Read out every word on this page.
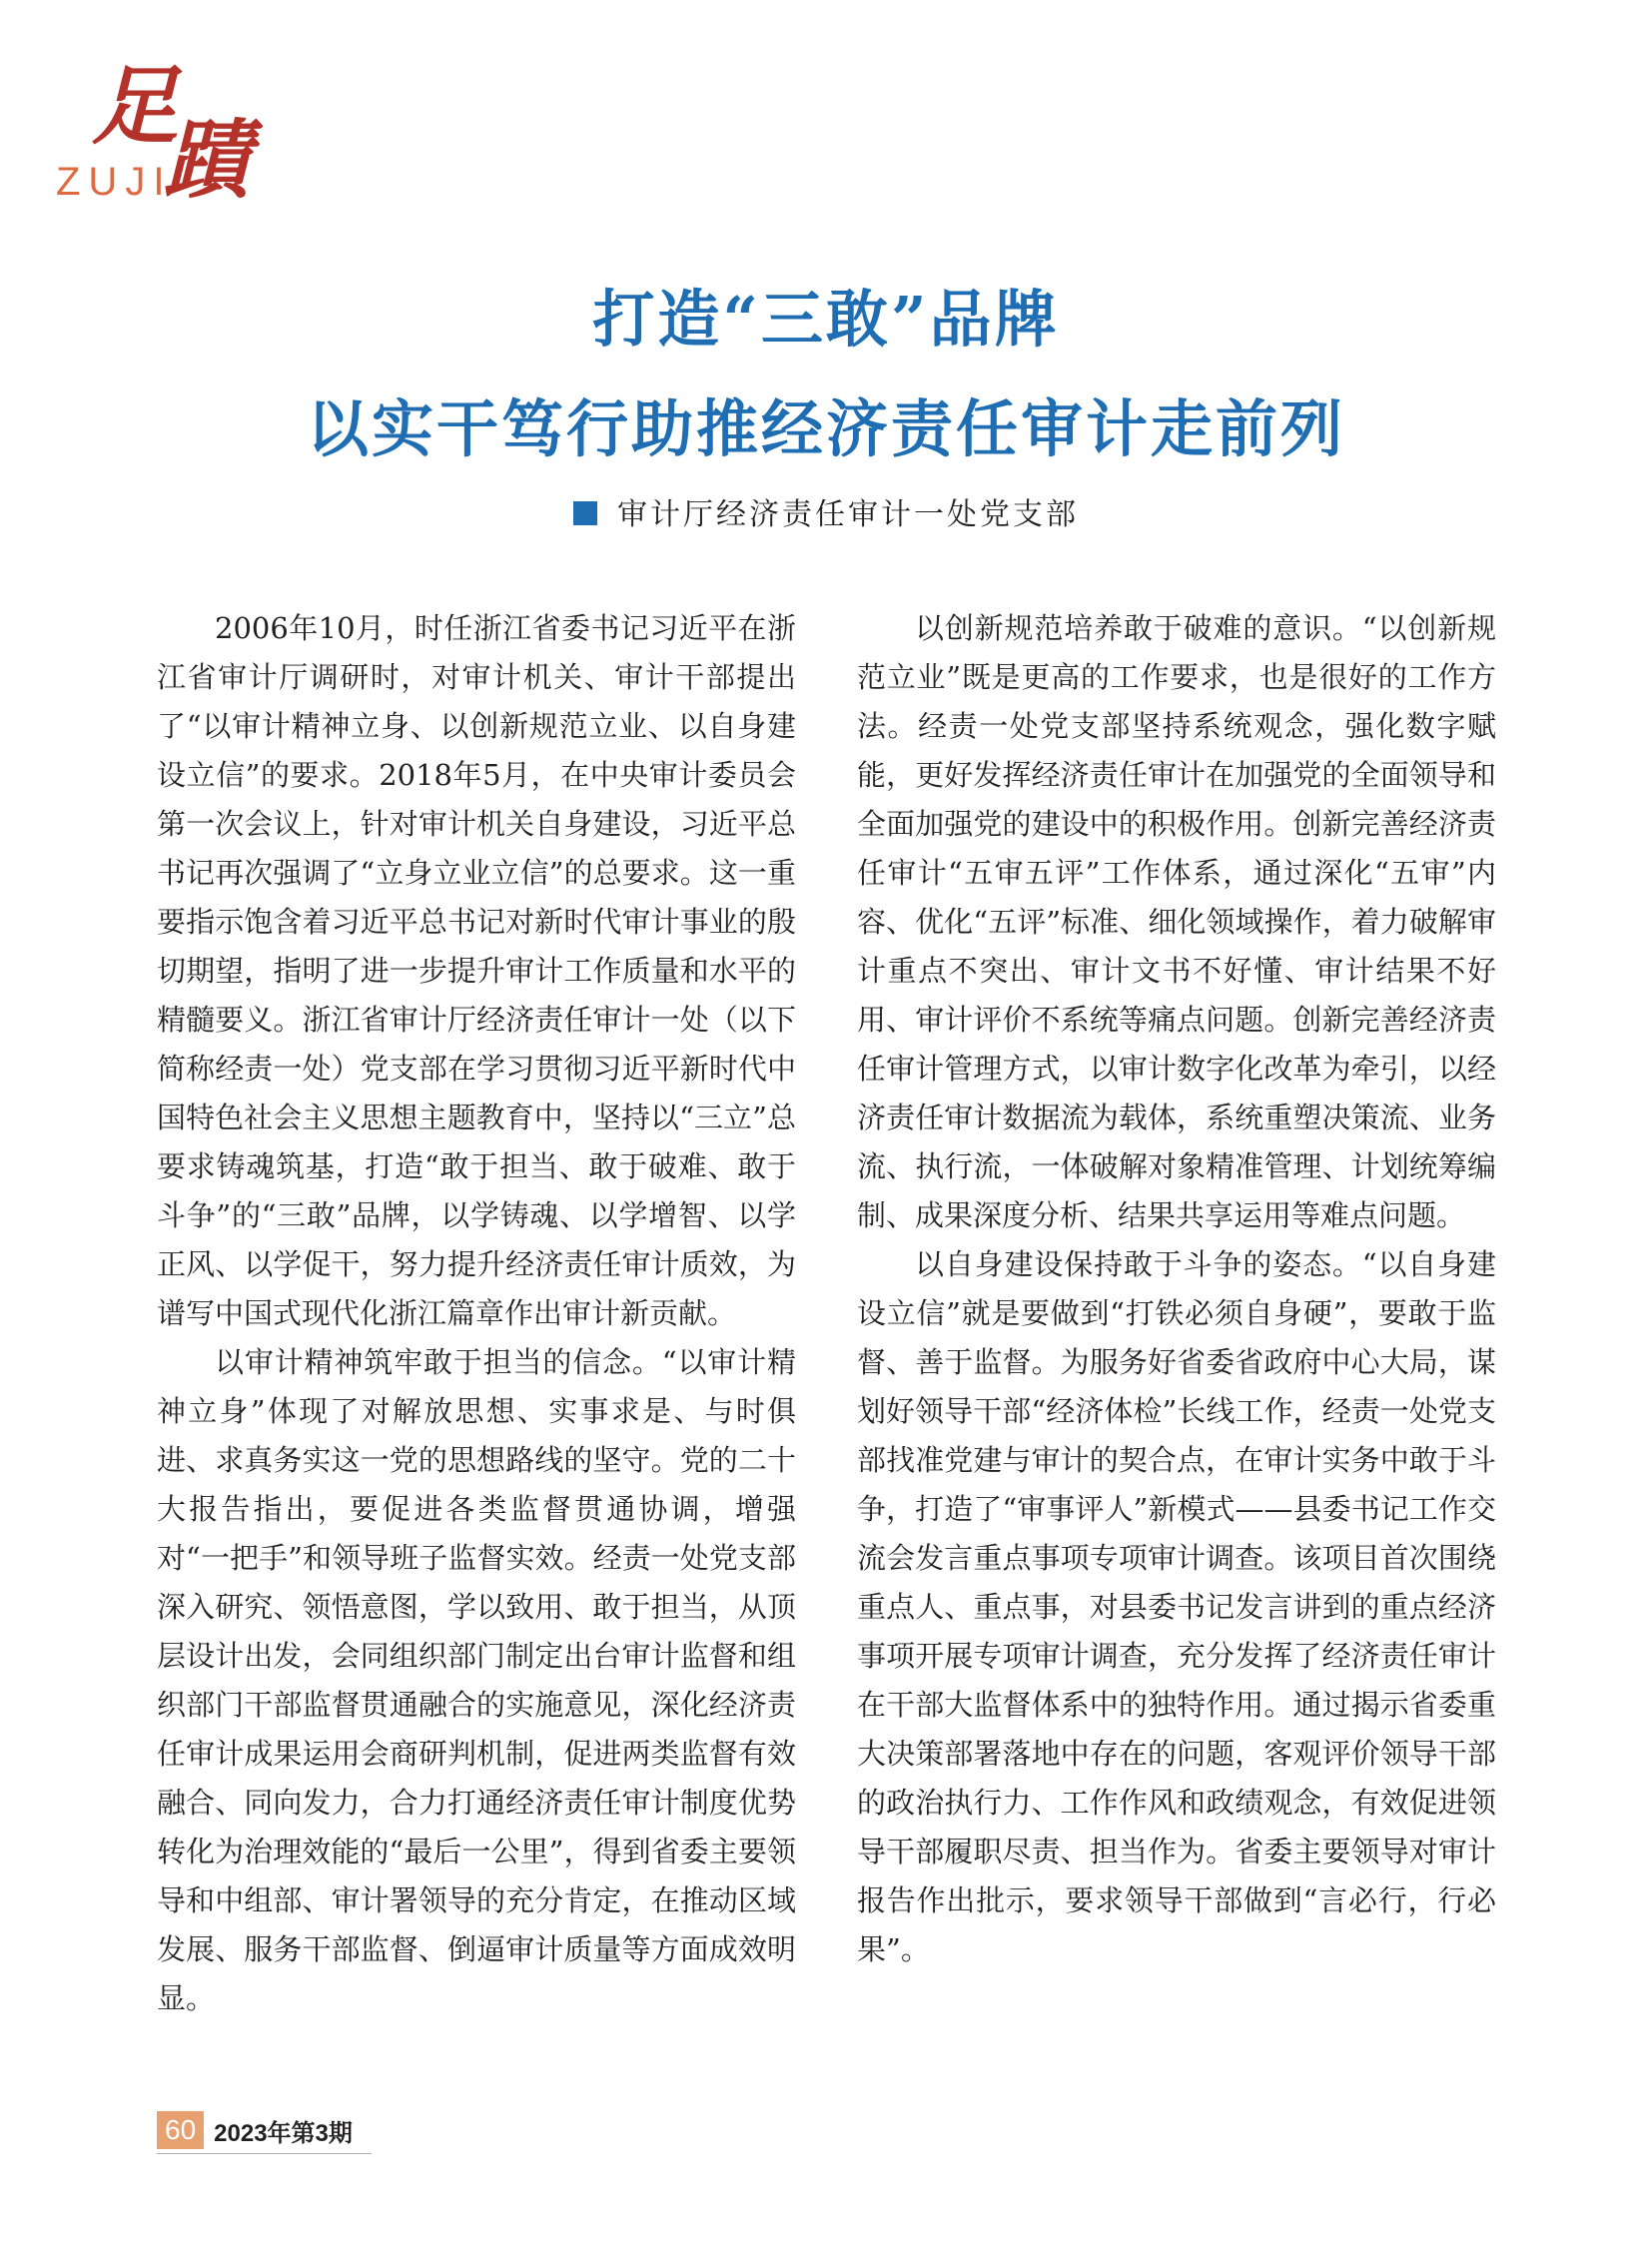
足
蹟
ZUJI
打造“三敢”品牌
以实干笃行助推经济责任审计走前列
审计厅经济责任审计一处党支部

2006年10月，时任浙江省委书记习近平在浙江省审计厅调研时，对审计机关、审计干部提出了“以审计精神立身、以创新规范立业、以自身建设立信”的要求。2018年5月，在中央审计委员会第一次会议上，针对审计机关自身建设，习近平总书记再次强调了“立身立业立信”的总要求。这一重要指示饱含着习近平总书记对新时代审计事业的殷切期望，指明了进一步提升审计工作质量和水平的精髓要义。浙江省审计厅经济责任审计一处（以下简称经责一处）党支部在学习贯彻习近平新时代中国特色社会主义思想主题教育中，坚持以“三立”总要求铸魂筑基，打造“敢于担当、敢于破难、敢于斗争”的“三敢”品牌，以学铸魂、以学增智、以学正风、以学促干，努力提升经济责任审计质效，为谱写中国式现代化浙江篇章作出审计新贡献。

以审计精神筑牢敢于担当的信念。“以审计精神立身”体现了对解放思想、实事求是、与时俱进、求真务实这一党的思想路线的坚守。党的二十大报告指出，要促进各类监督贯通协调，增强对“一把手”和领导班子监督实效。经责一处党支部深入研究、领悟意图，学以致用、敢于担当，从顶层设计出发，会同组织部门制定出台审计监督和组织部门干部监督贯通融合的实施意见，深化经济责任审计成果运用会商研判机制，促进两类监督有效融合、同向发力，合力打通经济责任审计制度优势转化为治理效能的“最后一公里”，得到省委主要领导和中组部、审计署领导的充分肯定，在推动区域发展、服务干部监督、倒逼审计质量等方面成效明显。

以创新规范培养敢于破难的意识。“以创新规范立业”既是更高的工作要求，也是很好的工作方法。经责一处党支部坚持系统观念，强化数字赋能，更好发挥经济责任审计在加强党的全面领导和全面加强党的建设中的积极作用。创新完善经济责任审计“五审五评”工作体系，通过深化“五审”内容、优化“五评”标准、细化领域操作，着力破解审计重点不突出、审计文书不好懂、审计结果不好用、审计评价不系统等痛点问题。创新完善经济责任审计管理方式，以审计数字化改革为牵引，以经济责任审计数据流为载体，系统重塑决策流、业务流、执行流，一体破解对象精准管理、计划统筹编制、成果深度分析、结果共享运用等难点问题。

以自身建设保持敢于斗争的姿态。“以自身建设立信”就是要做到“打铁必须自身硬”，要敢于监督、善于监督。为服务好省委省政府中心大局，谋划好领导干部“经济体检”长线工作，经责一处党支部找准党建与审计的契合点，在审计实务中敢于斗争，打造了“审事评人”新模式——县委书记工作交流会发言重点事项专项审计调查。该项目首次围绕重点人、重点事，对县委书记发言讲到的重点经济事项开展专项审计调查，充分发挥了经济责任审计在干部大监督体系中的独特作用。通过揭示省委重大决策部署落地中存在的问题，客观评价领导干部的政治执行力、工作作风和政绩观念，有效促进领导干部履职尽责、担当作为。省委主要领导对审计报告作出批示，要求领导干部做到“言必行，行必果”。

60 2023年第3期
